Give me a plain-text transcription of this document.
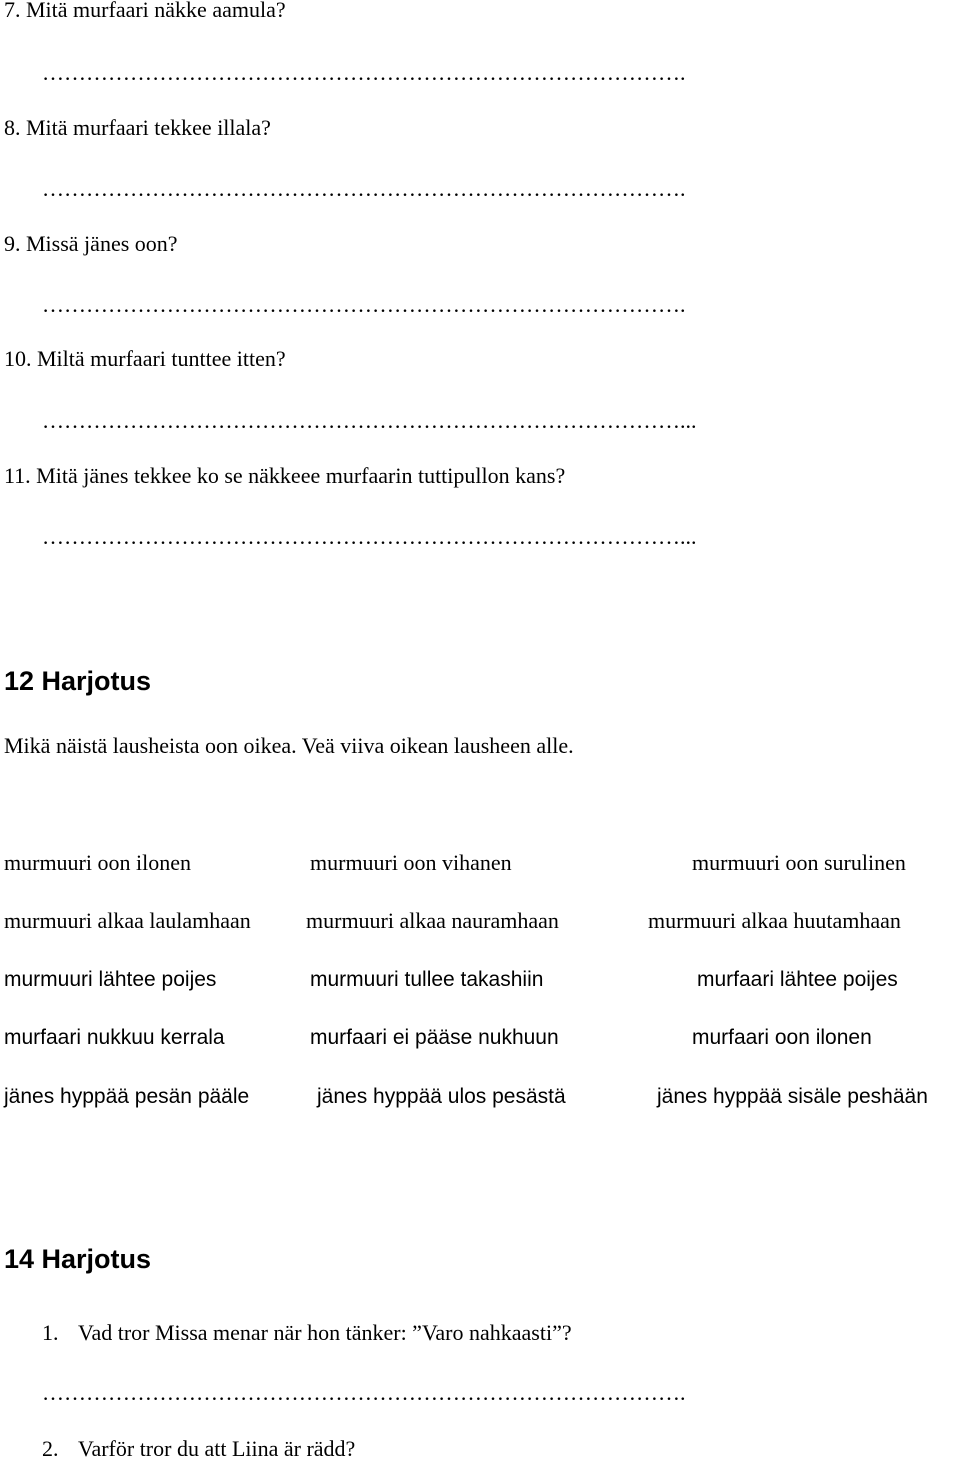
7. Mitä murfaari näkke aamula?
…………………………………………………………………………….
8. Mitä murfaari tekkee illala?
…………………………………………………………………………….
9. Missä jänes oon?
…………………………………………………………………………….
10. Miltä murfaari tunttee itten?
……………………………………………………………………………...
11. Mitä jänes tekkee ko se näkkeee murfaarin tuttipullon kans?
……………………………………………………………………………...
12 Harjotus
Mikä näistä lausheista oon oikea. Veä viiva oikean lausheen alle.
murmuuri oon ilonen	murmuuri oon vihanen	murmuuri oon surulinen
murmuuri alkaa laulamhaan	murmuuri alkaa nauramhaan	murmuuri alkaa huutamhaan
murmuuri lähtee poijes	murmuuri tullee takashiin	murfaari lähtee poijes
murfaari nukkuu kerrala	murfaari ei pääse nukhuun	murfaari oon ilonen
jänes hyppää pesän pääle	jänes hyppää ulos pesästä	jänes hyppää sisäle peshään
14 Harjotus
1. Vad tror Missa menar när hon tänker: ”Varo nahkaasti”?
…………………………………………………………………………….
2. Varför tror du att Liina är rädd?
